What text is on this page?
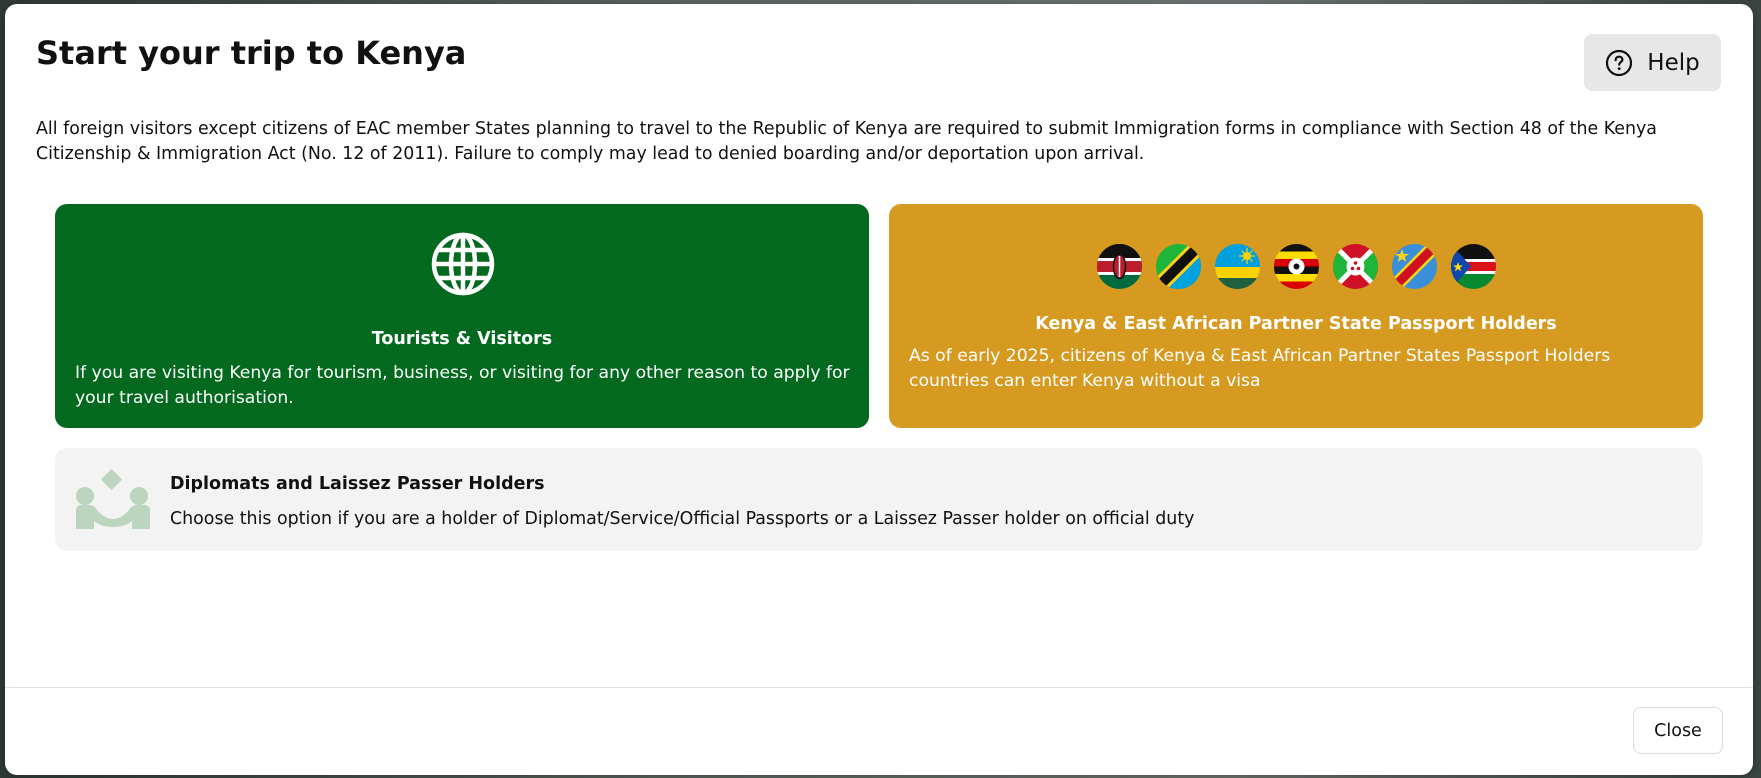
Start your trip to Kenya	Help

All foreign visitors except citizens of EAC member States planning to travel to the Republic of Kenya are required to submit Immigration forms in compliance with Section 48 of the Kenya Citizenship & Immigration Act (No. 12 of 2011). Failure to comply may lead to denied boarding and/or deportation upon arrival.

Tourists & Visitors
If you are visiting Kenya for tourism, business, or visiting for any other reason to apply for your travel authorisation.
Kenya & East African Partner State Passport Holders
As of early 2025, citizens of Kenya & East African Partner States Passport Holders countries can enter Kenya without a visa
Diplomats and Laissez Passer Holders
Choose this option if you are a holder of Diplomat/Service/Official Passports or a Laissez Passer holder on official duty
Close
